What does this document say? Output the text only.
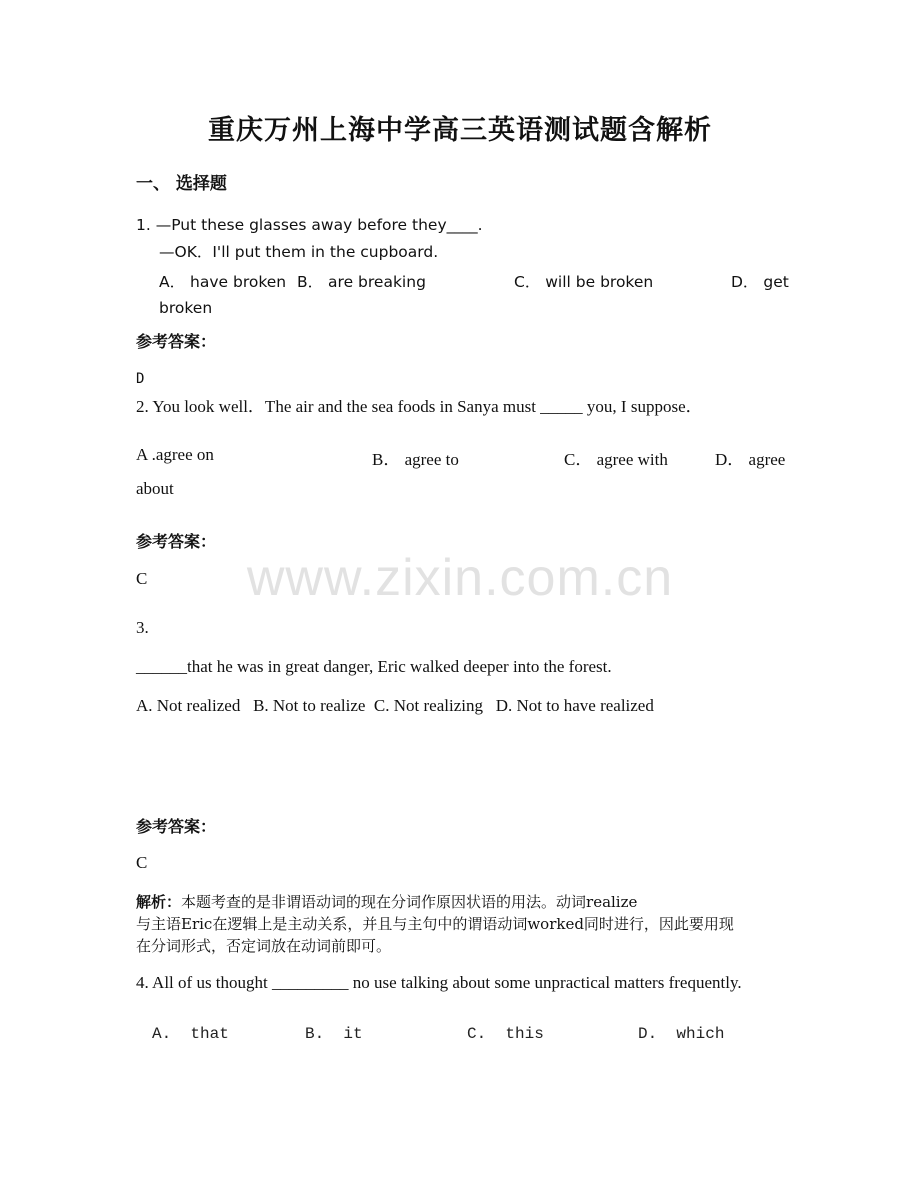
www.zixin.com.cn
重庆万州上海中学高三英语测试题含解析
一、 选择题
1. —Put these glasses away before they____.
—OK．I'll put them in the cupboard.
A． have broken B． are breaking	C． will be broken	D． get
broken
参考答案：
D
2. You look well．The air and the sea foods in Sanya must _____ you, I suppose．
A .agree on	B． agree to	C． agree with	D． agree
about
参考答案：
C
3.
______that he was in great danger, Eric walked deeper into the forest.
A. Not realized   B. Not to realize  C. Not realizing   D. Not to have realized
参考答案：
C
解析：本题考查的是非谓语动词的现在分词作原因状语的用法。动词realize
与主语Eric在逻辑上是主动关系，并且与主句中的谓语动词worked同时进行，因此要用现
在分词形式，否定词放在动词前即可。
4. All of us thought _________ no use talking about some unpractical matters frequently.
A.  that	B.  it	C.  this	D.  which
